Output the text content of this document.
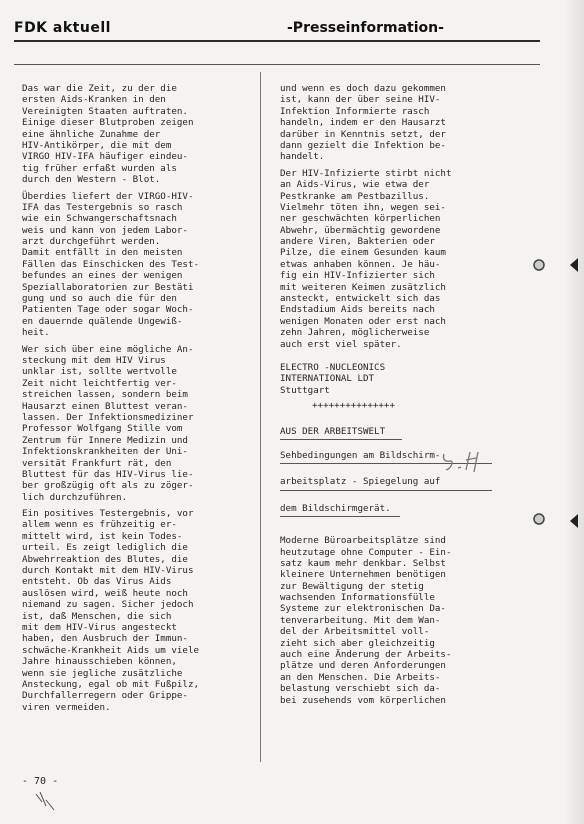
FDK aktuell	-Presseinformation-
Das war die Zeit, zu der die
ersten Aids-Kranken in den
Vereinigten Staaten auftraten.
Einige dieser Blutproben zeigen
eine ähnliche Zunahme der
HIV-Antikörper, die mit dem
VIRGO HIV-IFA häufiger eindeu-
tig früher erfaßt wurden als
durch den Western - Blot.
Überdies liefert der VIRGO-HIV-
IFA das Testergebnis so rasch
wie ein Schwangerschaftsnach
weis und kann von jedem Labor-
arzt durchgeführt werden.
Damit entfällt in den meisten
Fällen das Einschicken des Test-
befundes an eines der wenigen
Speziallaboratorien zur Bestäti
gung und so auch die für den
Patienten Tage oder sogar Woch-
en dauernde quälende Ungewiß-
heit.
Wer sich über eine mögliche An-
steckung mit dem HIV Virus
unklar ist, sollte wertvolle
Zeit nicht leichtfertig ver-
streichen lassen, sondern beim
Hausarzt einen Bluttest veran-
lassen. Der Infektionsmediziner
Professor Wolfgang Stille vom
Zentrum für Innere Medizin und
Infektionskrankheiten der Uni-
versität Frankfurt rät, den
Bluttest für das HIV-Virus lie-
ber großzügig oft als zu zöger-
lich durchzuführen.
Ein positives Testergebnis, vor
allem wenn es frühzeitig er-
mittelt wird, ist kein Todes-
urteil. Es zeigt lediglich die
Abwehrreaktion des Blutes, die
durch Kontakt mit dem HIV-Virus
entsteht. Ob das Virus Aids
auslösen wird, weiß heute noch
niemand zu sagen. Sicher jedoch
ist, daß Menschen, die sich
mit dem HIV-Virus angesteckt
haben, den Ausbruch der Immun-
schwäche-Krankheit Aids um viele
Jahre hinausschieben können,
wenn sie jegliche zusätzliche
Ansteckung, egal ob mit Fußpilz,
Durchfallerregern oder Grippe-
viren vermeiden.
und wenn es doch dazu gekommen
ist, kann der über seine HIV-
Infektion Informierte rasch
handeln, indem er den Hausarzt
darüber in Kenntnis setzt, der
dann gezielt die Infektion be-
handelt.
Der HIV-Infizierte stirbt nicht
an Aids-Virus, wie etwa der
Pestkranke am Pestbazillus.
Vielmehr töten ihn, wegen sei-
ner geschwächten körperlichen
Abwehr, übermächtig gewordene
andere Viren, Bakterien oder
Pilze, die einem Gesunden kaum
etwas anhaben können. Je häu-
fig ein HIV-Infizierter sich
mit weiteren Keimen zusätzlich
ansteckt, entwickelt sich das
Endstadium Aids bereits nach
wenigen Monaten oder erst nach
zehn Jahren, möglicherweise
auch erst viel später.
ELECTRO -NUCLEONICS
INTERNATIONAL LDT
Stuttgart
+++++++++++++++
AUS DER ARBEITSWELT
Sehbedingungen am Bildschirm-
arbeitsplatz - Spiegelung auf
dem Bildschirmgerät.
Moderne Büroarbeitsplätze sind
heutzutage ohne Computer - Ein-
satz kaum mehr denkbar. Selbst
kleinere Unternehmen benötigen
zur Bewältigung der stetig
wachsenden Informationsfülle
Systeme zur elektronischen Da-
tenverarbeitung. Mit dem Wan-
del der Arbeitsmittel voll-
zieht sich aber gleichzeitig
auch eine Änderung der Arbeits-
plätze und deren Anforderungen
an den Menschen. Die Arbeits-
belastung verschiebt sich da-
bei zusehends vom körperlichen
- 70 -
